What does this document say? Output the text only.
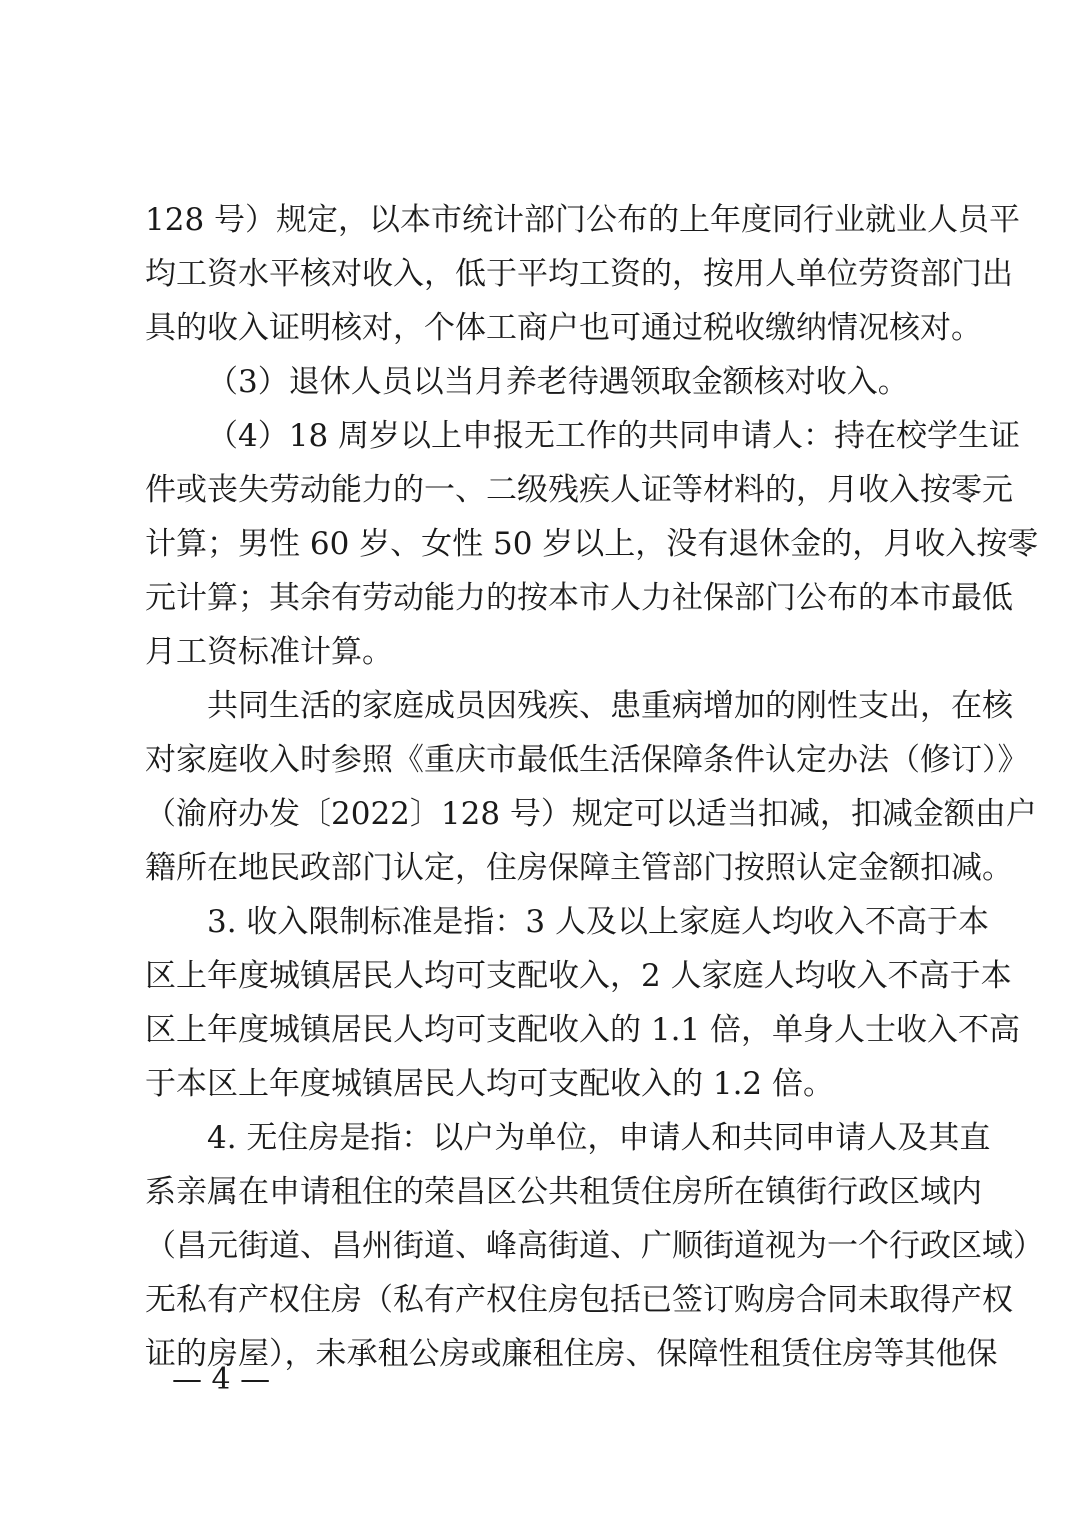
128 号）规定，以本市统计部门公布的上年度同行业就业人员平
均工资水平核对收入，低于平均工资的，按用人单位劳资部门出
具的收入证明核对，个体工商户也可通过税收缴纳情况核对。
（3）退休人员以当月养老待遇领取金额核对收入。
（4）18 周岁以上申报无工作的共同申请人：持在校学生证
件或丧失劳动能力的一、二级残疾人证等材料的，月收入按零元
计算；男性 60 岁、女性 50 岁以上，没有退休金的，月收入按零
元计算；其余有劳动能力的按本市人力社保部门公布的本市最低
月工资标准计算。
共同生活的家庭成员因残疾、患重病增加的刚性支出，在核
对家庭收入时参照《重庆市最低生活保障条件认定办法（修订）》
（渝府办发〔2022〕128 号）规定可以适当扣减，扣减金额由户
籍所在地民政部门认定，住房保障主管部门按照认定金额扣减。
3. 收入限制标准是指：3 人及以上家庭人均收入不高于本
区上年度城镇居民人均可支配收入，2 人家庭人均收入不高于本
区上年度城镇居民人均可支配收入的 1.1 倍，单身人士收入不高
于本区上年度城镇居民人均可支配收入的 1.2 倍。
4. 无住房是指：以户为单位，申请人和共同申请人及其直
系亲属在申请租住的荣昌区公共租赁住房所在镇街行政区域内
（昌元街道、昌州街道、峰高街道、广顺街道视为一个行政区域）
无私有产权住房（私有产权住房包括已签订购房合同未取得产权
证的房屋），未承租公房或廉租住房、保障性租赁住房等其他保
— 4 —
